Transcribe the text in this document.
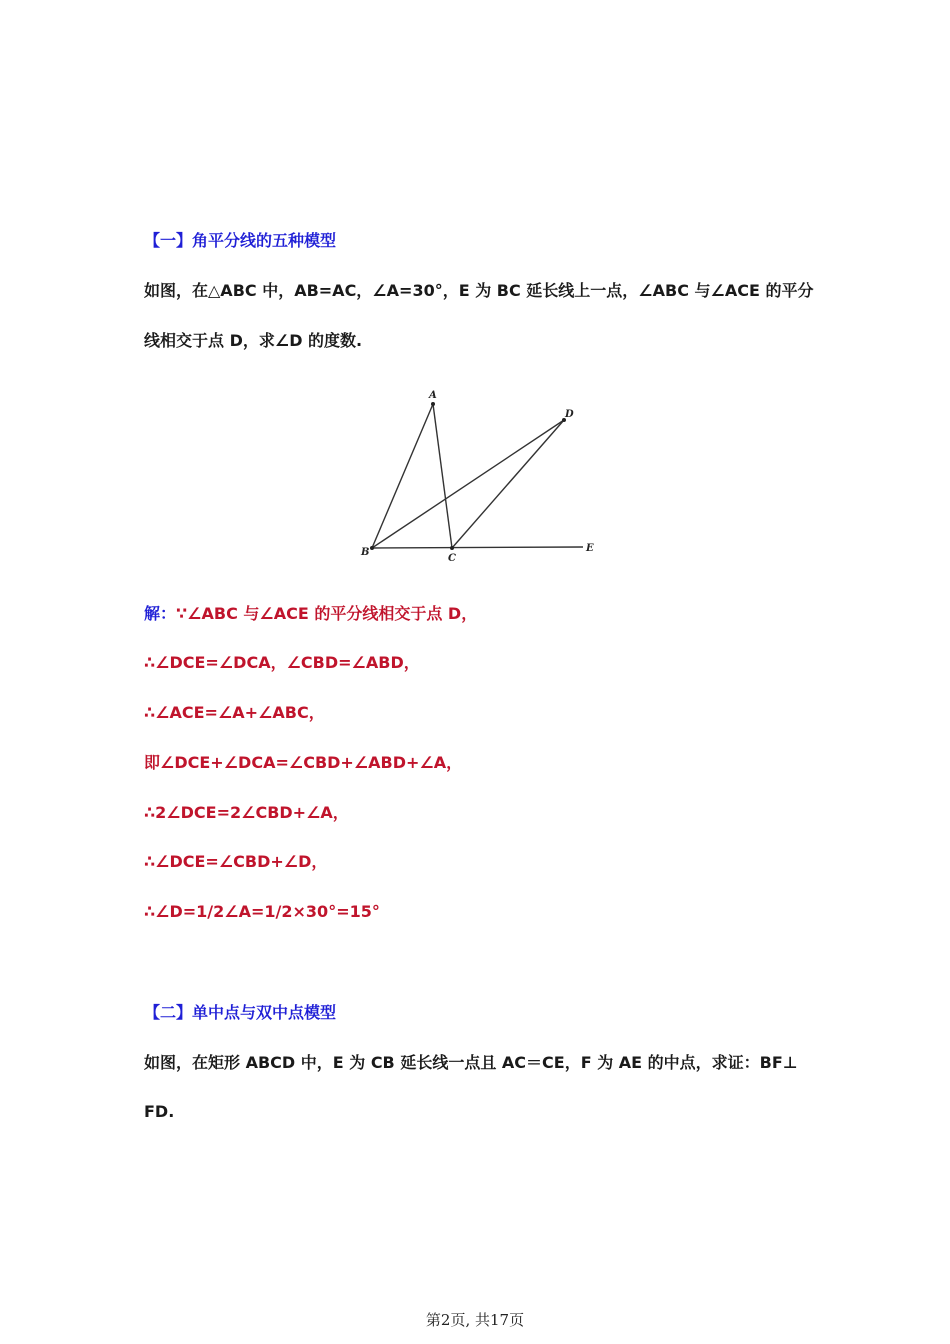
【一】角平分线的五种模型
如图，在△ABC 中，AB=AC，∠A=30°，E 为 BC 延长线上一点，∠ABC 与∠ACE 的平分
线相交于点 D，求∠D 的度数.
A
B
C
D
E
解：∵∠ABC 与∠ACE 的平分线相交于点 D，
∴∠DCE=∠DCA，∠CBD=∠ABD，
∴∠ACE=∠A+∠ABC，
即∠DCE+∠DCA=∠CBD+∠ABD+∠A，
∴2∠DCE=2∠CBD+∠A，
∴∠DCE=∠CBD+∠D，
∴∠D=1/2∠A=1/2×30°=15°
【二】单中点与双中点模型
如图，在矩形 ABCD 中，E 为 CB 延长线一点且 AC＝CE，F 为 AE 的中点，求证：BF⊥
FD.
第2页, 共17页
